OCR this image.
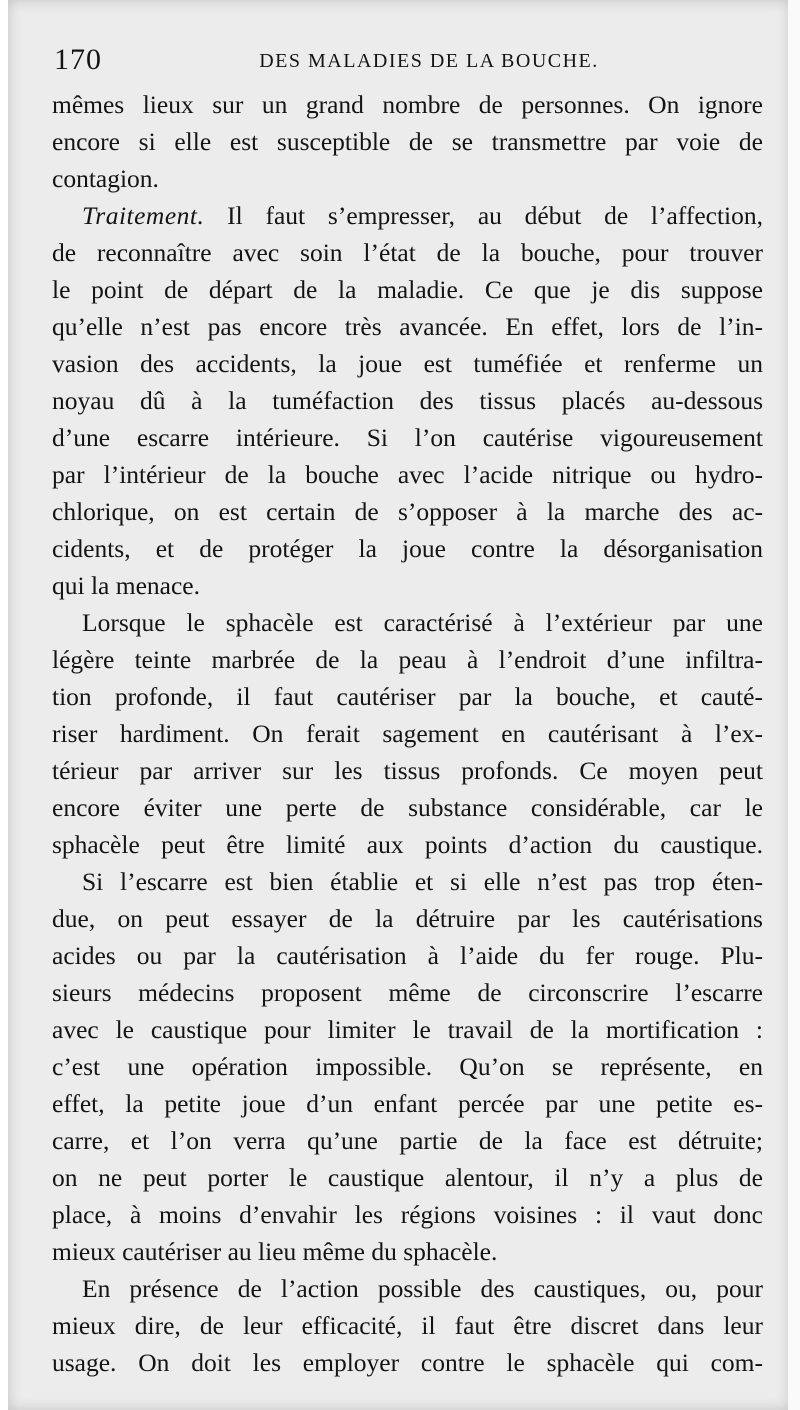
170	DES MALADIES DE LA BOUCHE.
mêmes lieux sur un grand nombre de personnes. On ignore
encore si elle est susceptible de se transmettre par voie de
contagion.
Traitement. Il faut s’empresser, au début de l’affection,
de reconnaître avec soin l’état de la bouche, pour trouver
le point de départ de la maladie. Ce que je dis suppose
qu’elle n’est pas encore très avancée. En effet, lors de l’in-
vasion des accidents, la joue est tuméfiée et renferme un
noyau dû à la tuméfaction des tissus placés au-dessous
d’une escarre intérieure. Si l’on cautérise vigoureusement
par l’intérieur de la bouche avec l’acide nitrique ou hydro-
chlorique, on est certain de s’opposer à la marche des ac-
cidents, et de protéger la joue contre la désorganisation
qui la menace.
Lorsque le sphacèle est caractérisé à l’extérieur par une
légère teinte marbrée de la peau à l’endroit d’une infiltra-
tion profonde, il faut cautériser par la bouche, et cauté-
riser hardiment. On ferait sagement en cautérisant à l’ex-
térieur par arriver sur les tissus profonds. Ce moyen peut
encore éviter une perte de substance considérable, car le
sphacèle peut être limité aux points d’action du caustique.
Si l’escarre est bien établie et si elle n’est pas trop éten-
due, on peut essayer de la détruire par les cautérisations
acides ou par la cautérisation à l’aide du fer rouge. Plu-
sieurs médecins proposent même de circonscrire l’escarre
avec le caustique pour limiter le travail de la mortification :
c’est une opération impossible. Qu’on se représente, en
effet, la petite joue d’un enfant percée par une petite es-
carre, et l’on verra qu’une partie de la face est détruite;
on ne peut porter le caustique alentour, il n’y a plus de
place, à moins d’envahir les régions voisines : il vaut donc
mieux cautériser au lieu même du sphacèle.
En présence de l’action possible des caustiques, ou, pour
mieux dire, de leur efficacité, il faut être discret dans leur
usage. On doit les employer contre le sphacèle qui com-
